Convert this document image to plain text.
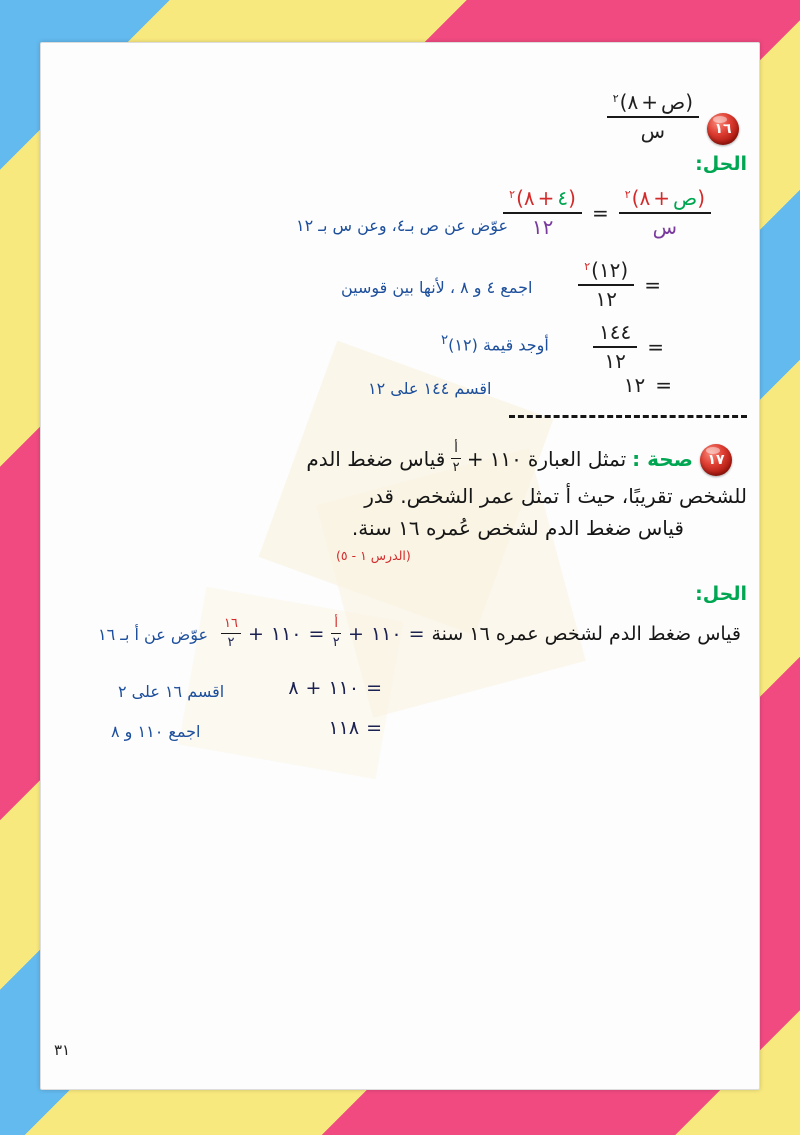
$\frac{\text{٢ ( ٨ + ص )}}{\text{س}}$	١٦
الحل:
$\frac{٢ ( ٨ + ٤ )}{١٢} = \frac{\text{٢ ( ٨ + ص )}}{\text{س}}$
عوّض عن ص بـ٤، وعن س بـ ١٢
$\frac{٢ (١٢)}{١٢}$ =
اجمع ٤ و ٨ ، لأنها بين قوسين
$\frac{١٤٤}{١٢}$ =
أوجد قيمة (١٢)$^٢$
١٢ =
اقسم ١٤٤ على ١٢
١٧
صحة :
تمثل العبارة
١١٠
+
$\frac{\text{أ}}{٢}$
قياس ضغط الدم
للشخص تقريبًا، حيث أ تمثل عمر الشخص. قدر
قياس ضغط الدم لشخص عُمره ١٦ سنة.
(الدرس ١ - ٥)
الحل:
قياس ضغط الدم لشخص عمره ١٦ سنة
=
١١٠
+
$\frac{\text{أ}}{٢}$
=
١١٠
+
$\frac{١٦}{٢}$
عوّض عن أ بـ ١٦
=
١١٠
+
٨
اقسم ١٦ على ٢
=
١١٨
اجمع ١١٠ و ٨
٣١
